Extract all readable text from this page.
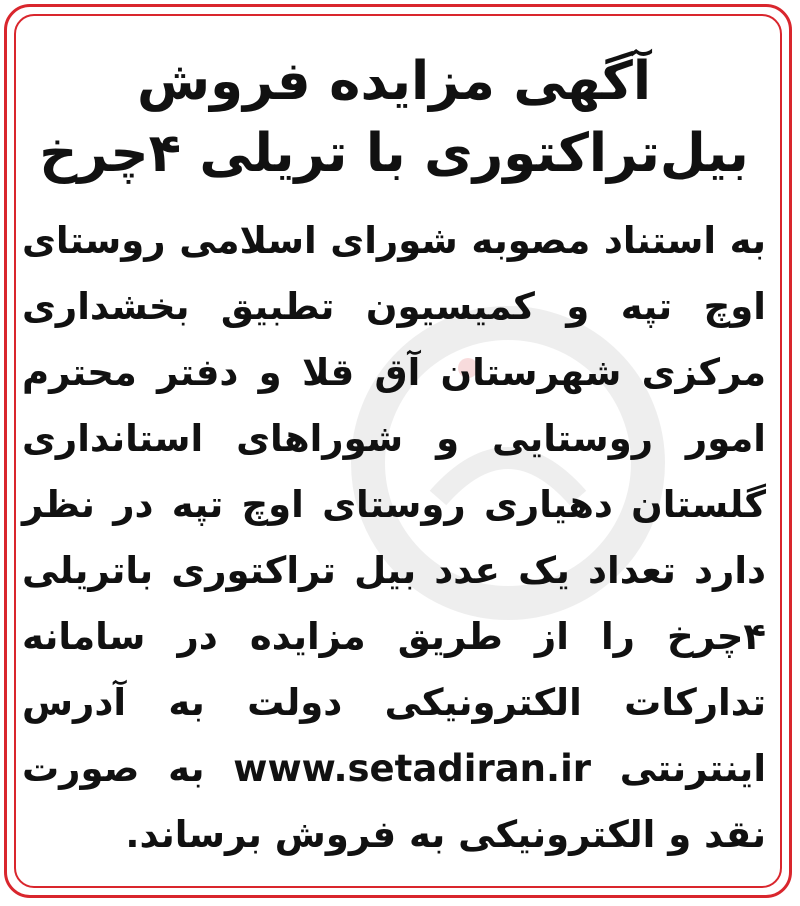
آگهی مزایده فروش
بیل‌تراکتوری با تریلی ۴چرخ
به استناد مصوبه شورای اسلامی روستای اوچ تپه و کمیسیون تطبیق بخشداری مرکزی شهرستان آق قلا و دفتر محترم امور روستایی و شوراهای استانداری گلستان دهیاری روستای اوچ تپه در نظر دارد تعداد یک عدد بیل تراکتوری باتریلی ۴چرخ را از طریق مزایده در سامانه تدارکات الکترونیکی دولت به آدرس اینترنتی www.setadiran.ir به صورت نقد و الکترونیکی به فروش برساند.
